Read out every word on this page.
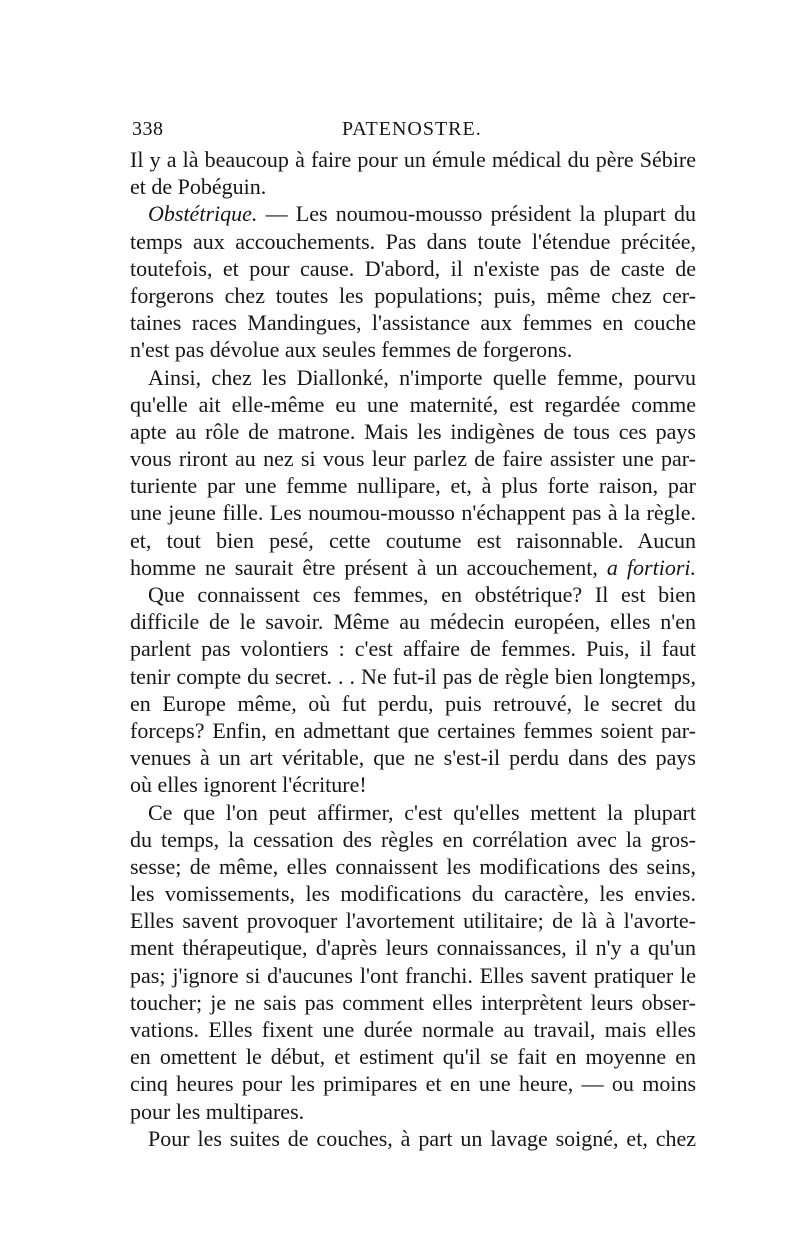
338	PATENOSTRE.
Il y a là beaucoup à faire pour un émule médical du père Sébire
et de Pobéguin.
Obstétrique. — Les noumou-mousso président la plupart du
temps aux accouchements. Pas dans toute l'étendue précitée,
toutefois, et pour cause. D'abord, il n'existe pas de caste de
forgerons chez toutes les populations; puis, même chez cer-
taines races Mandingues, l'assistance aux femmes en couche
n'est pas dévolue aux seules femmes de forgerons.
Ainsi, chez les Diallonké, n'importe quelle femme, pourvu
qu'elle ait elle-même eu une maternité, est regardée comme
apte au rôle de matrone. Mais les indigènes de tous ces pays
vous riront au nez si vous leur parlez de faire assister une par-
turiente par une femme nullipare, et, à plus forte raison, par
une jeune fille. Les noumou-mousso n'échappent pas à la règle.
et, tout bien pesé, cette coutume est raisonnable. Aucun
homme ne saurait être présent à un accouchement, a fortiori.
Que connaissent ces femmes, en obstétrique? Il est bien
difficile de le savoir. Même au médecin européen, elles n'en
parlent pas volontiers : c'est affaire de femmes. Puis, il faut
tenir compte du secret. . . Ne fut-il pas de règle bien longtemps,
en Europe même, où fut perdu, puis retrouvé, le secret du
forceps? Enfin, en admettant que certaines femmes soient par-
venues à un art véritable, que ne s'est-il perdu dans des pays
où elles ignorent l'écriture!
Ce que l'on peut affirmer, c'est qu'elles mettent la plupart
du temps, la cessation des règles en corrélation avec la gros-
sesse; de même, elles connaissent les modifications des seins,
les vomissements, les modifications du caractère, les envies.
Elles savent provoquer l'avortement utilitaire; de là à l'avorte-
ment thérapeutique, d'après leurs connaissances, il n'y a qu'un
pas; j'ignore si d'aucunes l'ont franchi. Elles savent pratiquer le
toucher; je ne sais pas comment elles interprètent leurs obser-
vations. Elles fixent une durée normale au travail, mais elles
en omettent le début, et estiment qu'il se fait en moyenne en
cinq heures pour les primipares et en une heure, — ou moins
pour les multipares.
Pour les suites de couches, à part un lavage soigné, et, chez
